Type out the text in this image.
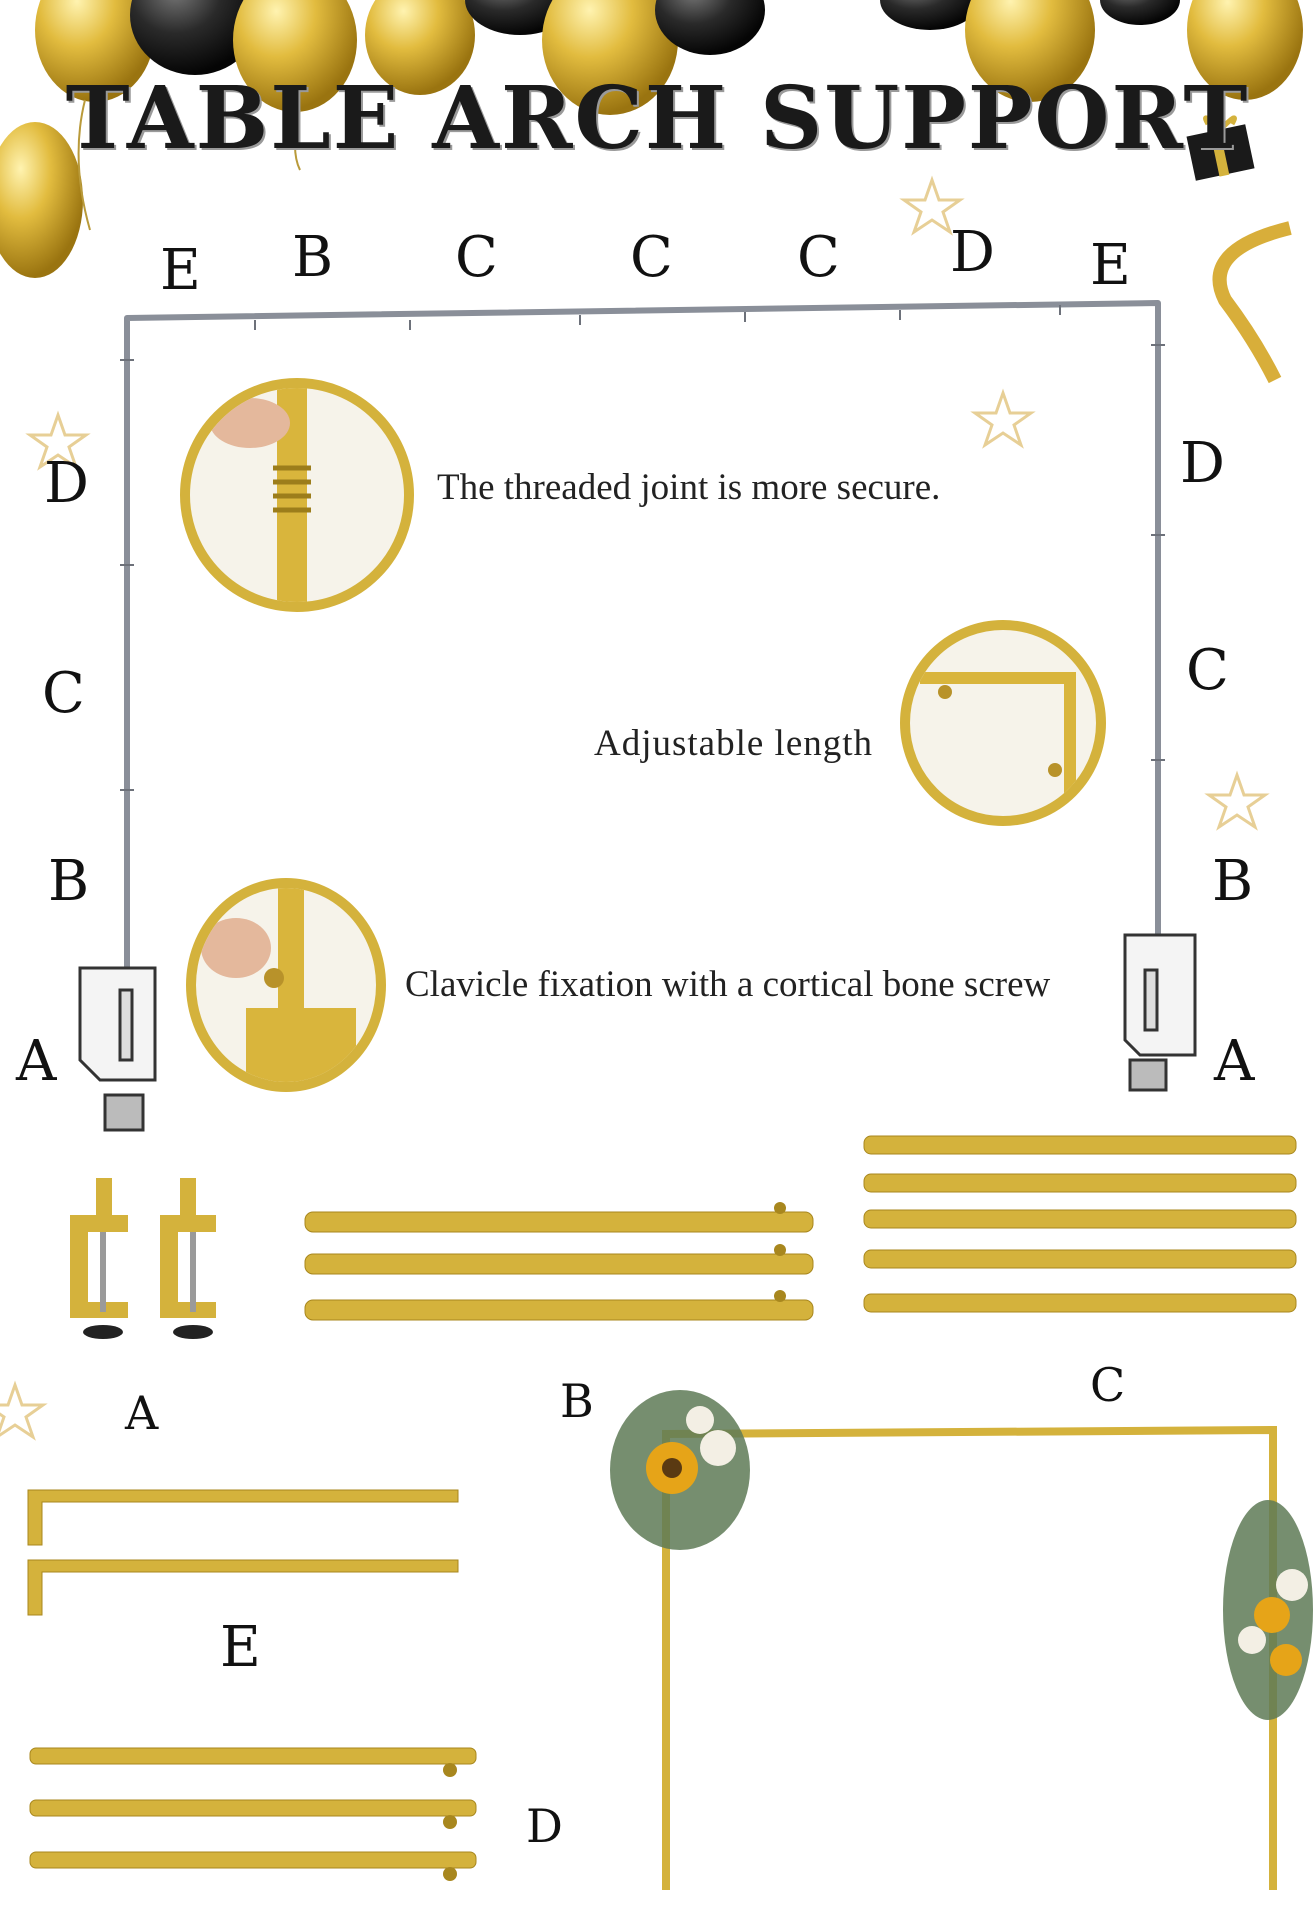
TABLE ARCH SUPPORT
E B C C C D E
D
C
B
A
D
C
B
A
The threaded joint is more secure.
Adjustable length
Clavicle fixation with a cortical bone screw
A	B	C
E
D
